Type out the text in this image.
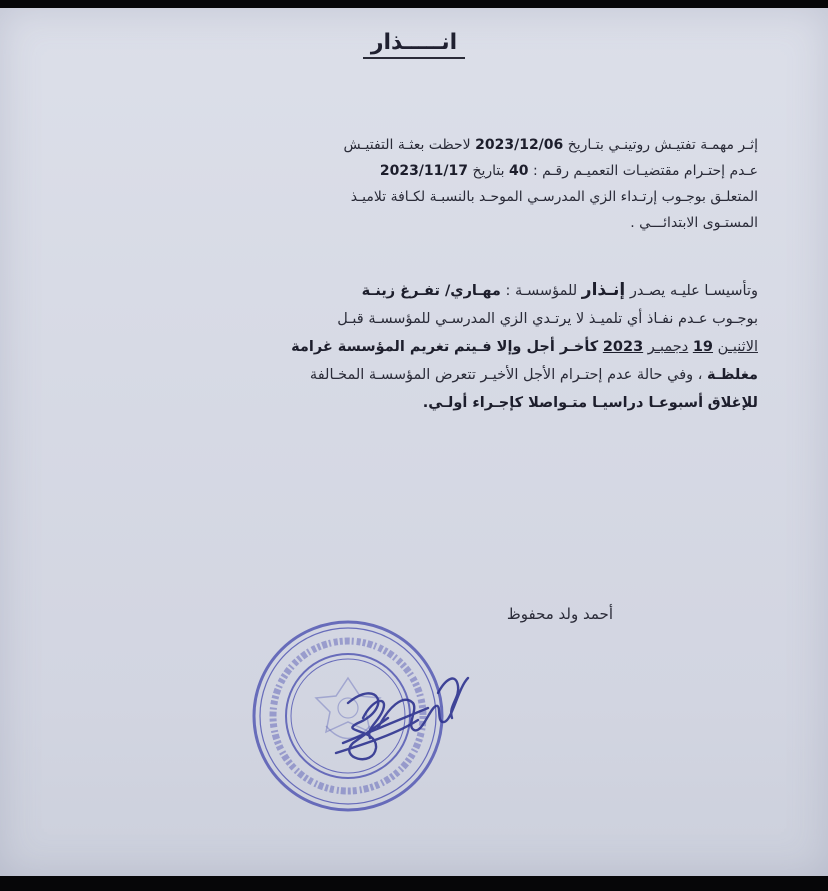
انـــــذار
إثـر مهمـة تفتيـش روتينـي بتـاريخ 2023/12/06 لاحظت بعثـة التفتيـش
عـدم إحتـرام مقتضيـات التعميـم رقـم : 40 بتاريخ 2023/11/17
المتعلـق بوجـوب إرتـداء الزي المدرسـي الموحـد بالنسبـة لكـافة تلاميـذ
المستـوى الابتدائـــي .
وتأسيسـا عليـه يصـدر إنـذار للمؤسسـة : مهـاري/ تفـرغ زينـة
بوجـوب عـدم نفـاذ أي تلميـذ لا يرتـدي الزي المدرسـي للمؤسسـة قبـل
الاثنيـن 19 دجمبـر 2023 كأخـر أجل وإلا فـيتم تغريم المؤسسة غرامة
مغلظـة ، وفي حالة عدم إحتـرام الأجل الأخيـر تتعرض المؤسسـة المخـالفة
للإغلاق أسبوعـا دراسيـا متـواصلا كإجـراء أولـي.
أحمد ولد محفوظ
